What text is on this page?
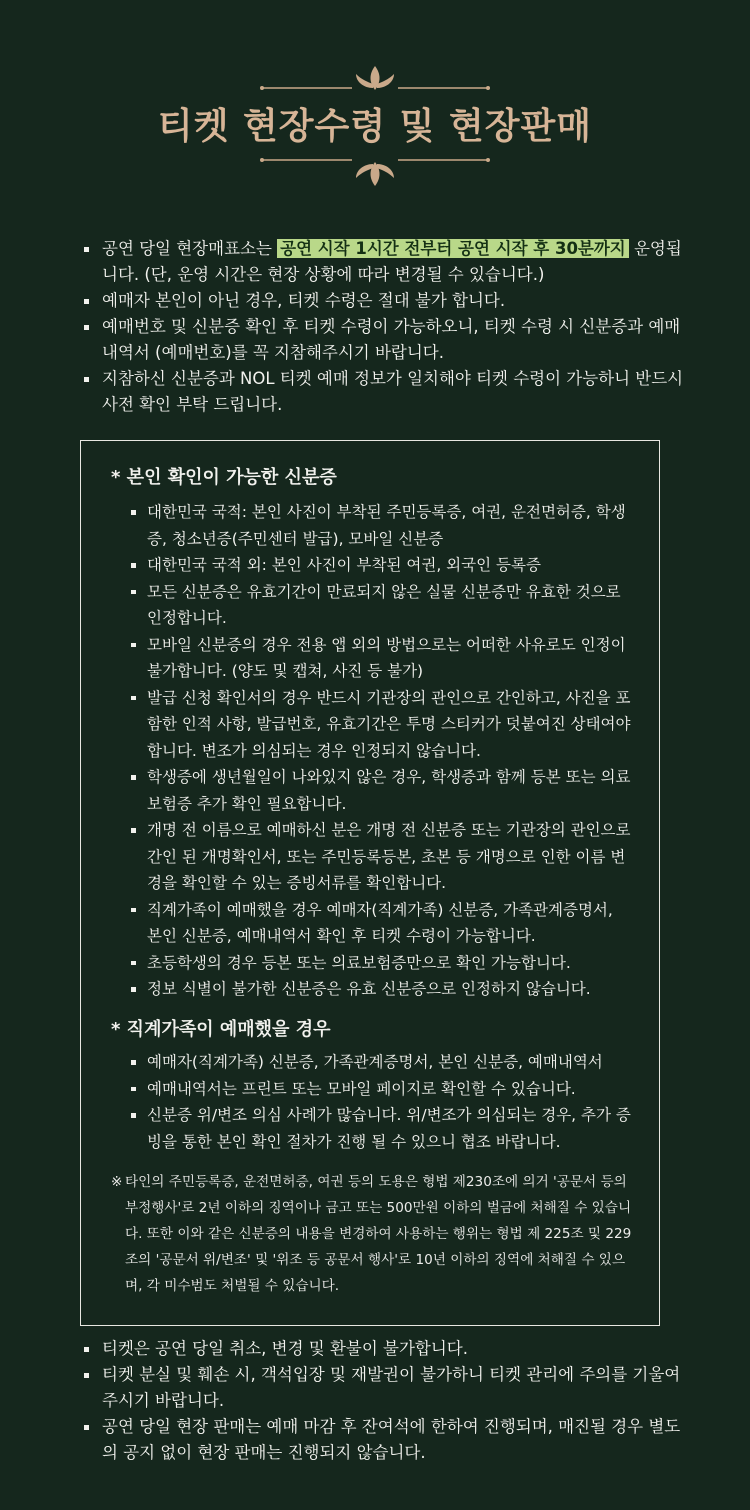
티켓 현장수령 및 현장판매
공연 당일 현장매표소는 공연 시작 1시간 전부터 공연 시작 후 30분까지 운영됩니다. (단, 운영 시간은 현장 상황에 따라 변경될 수 있습니다.)
예매자 본인이 아닌 경우, 티켓 수령은 절대 불가 합니다.
예매번호 및 신분증 확인 후 티켓 수령이 가능하오니, 티켓 수령 시 신분증과 예매내역서 (예매번호)를 꼭 지참해주시기 바랍니다.
지참하신 신분증과 NOL 티켓 예매 정보가 일치해야 티켓 수령이 가능하니 반드시 사전 확인 부탁 드립니다.
* 본인 확인이 가능한 신분증
대한민국 국적: 본인 사진이 부착된 주민등록증, 여권, 운전면허증, 학생증, 청소년증(주민센터 발급), 모바일 신분증
대한민국 국적 외: 본인 사진이 부착된 여권, 외국인 등록증
모든 신분증은 유효기간이 만료되지 않은 실물 신분증만 유효한 것으로 인정합니다.
모바일 신분증의 경우 전용 앱 외의 방법으로는 어떠한 사유로도 인정이 불가합니다. (양도 및 캡쳐, 사진 등 불가)
발급 신청 확인서의 경우 반드시 기관장의 관인으로 간인하고, 사진을 포함한 인적 사항, 발급번호, 유효기간은 투명 스티커가 덧붙여진 상태여야 합니다. 변조가 의심되는 경우 인정되지 않습니다.
학생증에 생년월일이 나와있지 않은 경우, 학생증과 함께 등본 또는 의료보험증 추가 확인 필요합니다.
개명 전 이름으로 예매하신 분은 개명 전 신분증 또는 기관장의 관인으로 간인 된 개명확인서, 또는 주민등록등본, 초본 등 개명으로 인한 이름 변경을 확인할 수 있는 증빙서류를 확인합니다.
직계가족이 예매했을 경우 예매자(직계가족) 신분증, 가족관계증명서, 본인 신분증, 예매내역서 확인 후 티켓 수령이 가능합니다.
초등학생의 경우 등본 또는 의료보험증만으로 확인 가능합니다.
정보 식별이 불가한 신분증은 유효 신분증으로 인정하지 않습니다.
* 직계가족이 예매했을 경우
예매자(직계가족) 신분증, 가족관계증명서, 본인 신분증, 예매내역서
예매내역서는 프린트 또는 모바일 페이지로 확인할 수 있습니다.
신분증 위/변조 의심 사례가 많습니다. 위/변조가 의심되는 경우, 추가 증빙을 통한 본인 확인 절차가 진행 될 수 있으니 협조 바랍니다.
※ 타인의 주민등록증, 운전면허증, 여권 등의 도용은 형법 제230조에 의거 '공문서 등의 부정행사'로 2년 이하의 징역이나 금고 또는 500만원 이하의 벌금에 처해질 수 있습니다. 또한 이와 같은 신분증의 내용을 변경하여 사용하는 행위는 형법 제 225조 및 229조의 '공문서 위/변조' 및 '위조 등 공문서 행사'로 10년 이하의 징역에 처해질 수 있으며, 각 미수범도 처벌될 수 있습니다.
티켓은 공연 당일 취소, 변경 및 환불이 불가합니다.
티켓 분실 및 훼손 시, 객석입장 및 재발권이 불가하니 티켓 관리에 주의를 기울여 주시기 바랍니다.
공연 당일 현장 판매는 예매 마감 후 잔여석에 한하여 진행되며, 매진될 경우 별도의 공지 없이 현장 판매는 진행되지 않습니다.
